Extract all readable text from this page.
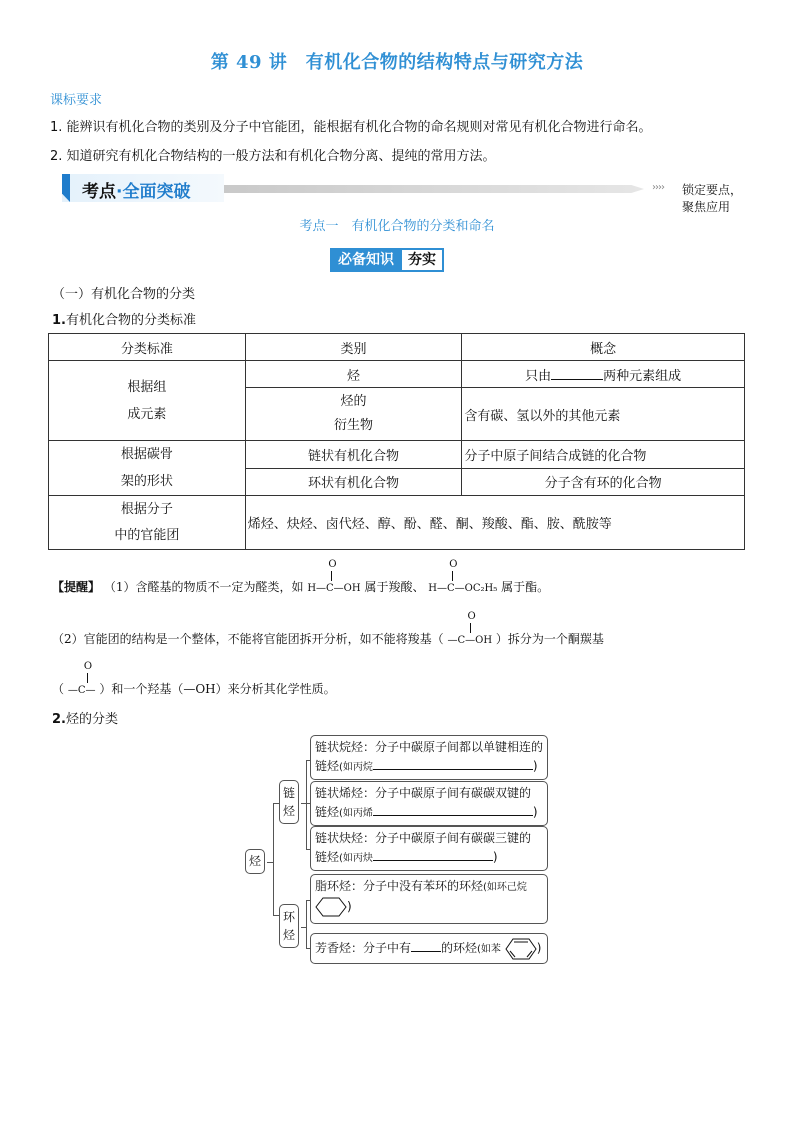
第 49 讲　有机化合物的结构特点与研究方法
课标要求
1. 能辨识有机化合物的类别及分子中官能团，能根据有机化合物的命名规则对常见有机化合物进行命名。
2. 知道研究有机化合物结构的一般方法和有机化合物分离、提纯的常用方法。
考点·全面突破	›››› 锁定要点，聚焦应用
考点一　有机化合物的分类和命名
必备知识 夯实
（一）有机化合物的分类
1.有机化合物的分类标准
分类标准	类别	概念

根据组
成元素	烃	只由 两种元素组成

	烃的
衍生物	含有碳、氢以外的其他元素

根据碳骨
架的形状	链状有机化合物	分子中原子间结合成链的化合物
	环状有机化合物	分子含有环的化合物

根据分子
中的官能团	烯烃、炔烃、卤代烃、醇、酚、醛、酮、羧酸、酯、胺、酰胺等	
【提醒】 （1）含醛基的物质不一定为醛类，如
O
H—C—OH 属于羧酸、
O
H—C—OC₂H₅ 属于酯。
（2）官能团的结构是一个整体，不能将官能团拆开分析，如不能将羧基（
O
—C—OH ）拆分为一个酮羰基
（
O
—C— ）和一个羟基（—OH）来分析其化学性质。
2.烃的分类
烃
链烃
环烃
链状烷烃：分子中碳原子间都以单键相连的
链烃(如丙烷	)
链状烯烃：分子中碳原子间有碳碳双键的
链烃(如丙烯	)
链状炔烃：分子中碳原子间有碳碳三键的
链烃(如丙炔	)
脂环烃：分子中没有苯环的环烃(如环己烷
)
芳香烃：分子中有	的环烃(如苯	)
